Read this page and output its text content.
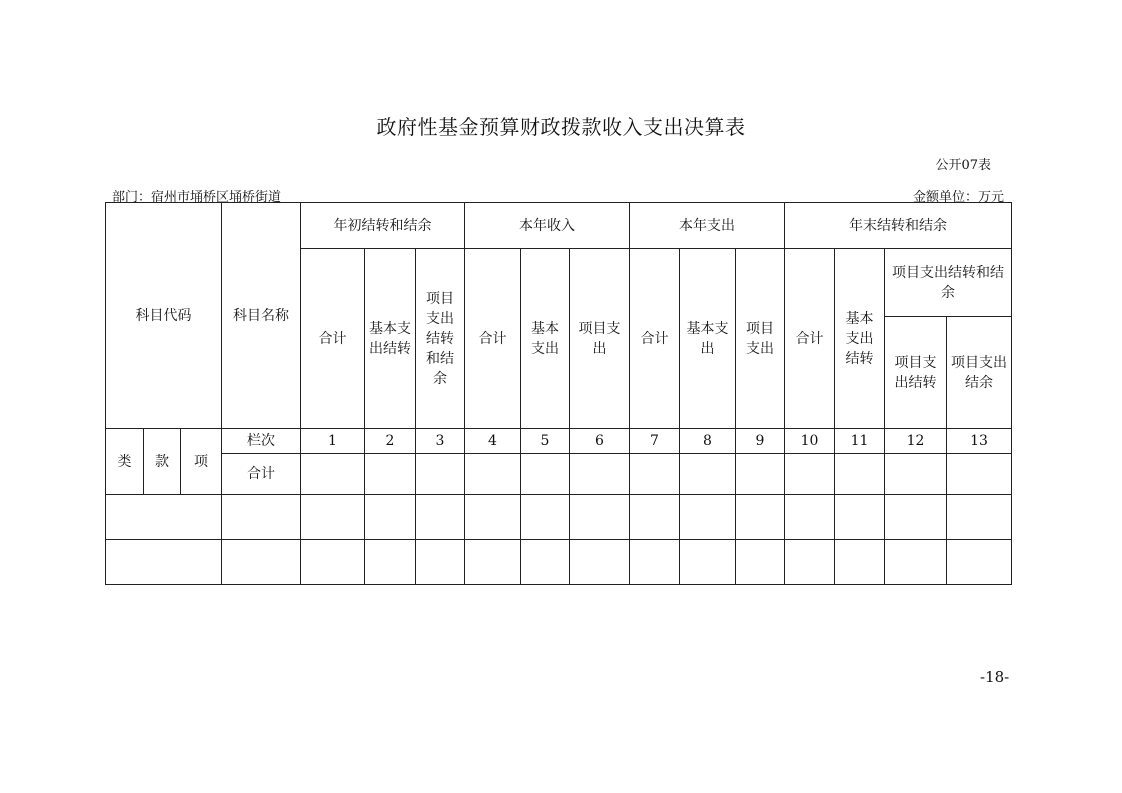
政府性基金预算财政拨款收入支出决算表
公开07表
部门：宿州市埇桥区埇桥街道	金额单位：万元
科目代码			科目名称	年初结转和结余			本年收入			本年支出			年末结转和结余			
				合计	基本支出结转	项目支出结转和结余	合计	基本支出	项目支出	合计	基本支出	项目支出	合计	基本支出结转	项目支出结转和结余	
															项目支出结转	项目支出结余
类	款	项	栏次	1	2	3	4	5	6	7	8	9	10	11	12	13
			合计													

-18-
